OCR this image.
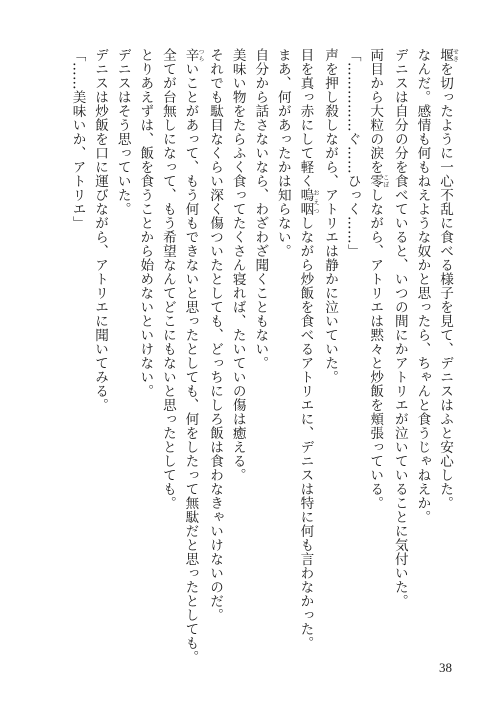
堰せきを切ったように一心不乱に食べる様子を見て、デニスはふと安心した。

なんだ。感情も何もねえような奴かと思ったら、ちゃんと食うじゃねえか。

デニスは自分の分を食べていると、いつの間にかアトリエが泣いていることに気付いた。

両目から大粒の涙を零こぼしながら、アトリエは黙々と炒飯を頬張っている。

「……………ぐ……ひっく……」

声を押し殺しながら、アトリエは静かに泣いていた。

目を真っ赤にして軽く嗚咽おえつしながら炒飯を食べるアトリエに、デニスは特に何も言わなかった。

まあ、何があったかは知らない。

自分から話さないなら、わざわざ聞くこともない。

美味い物をたらふく食ってたくさん寝れば、たいていの傷は癒える。

それでも駄目なくらい深く傷ついたとしても、どっちにしろ飯は食わなきゃいけないのだ。

辛つらいことがあって、もう何もできないと思ったとしても、何をしたって無駄だと思ったとしても。

全てが台無しになって、もう希望なんてどこにもないと思ったとしても。

とりあえずは、飯を食うことから始めないといけない。

デニスはそう思っていた。

デニスは炒飯を口に運びながら、アトリエに聞いてみる。

「……美味いか、アトリエ」

38
